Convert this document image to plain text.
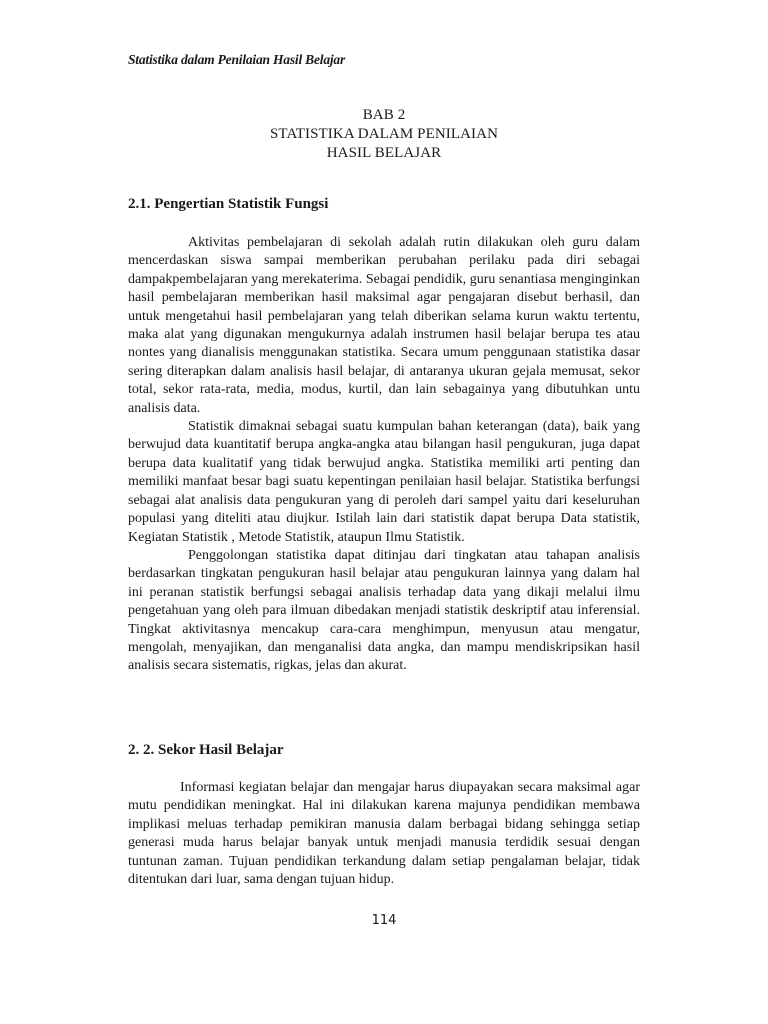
Statistika dalam Penilaian Hasil Belajar
BAB 2
STATISTIKA DALAM PENILAIAN
HASIL BELAJAR
2.1. Pengertian Statistik Fungsi

Aktivitas pembelajaran di sekolah adalah rutin dilakukan oleh guru dalam mencerdaskan siswa sampai memberikan perubahan perilaku pada diri sebagai dampakpembelajaran yang merekaterima. Sebagai pendidik, guru senantiasa menginginkan hasil pembelajaran memberikan hasil maksimal agar pengajaran disebut berhasil, dan untuk mengetahui hasil pembelajaran yang telah diberikan selama kurun waktu tertentu, maka alat yang digunakan mengukurnya adalah instrumen hasil belajar berupa tes atau nontes yang dianalisis menggunakan statistika. Secara umum penggunaan statistika dasar sering diterapkan dalam analisis hasil belajar, di antaranya ukuran gejala memusat, sekor total, sekor rata-rata, media, modus, kurtil, dan lain sebagainya yang dibutuhkan untu analisis data.

Statistik dimaknai sebagai suatu kumpulan bahan keterangan (data), baik yang berwujud data kuantitatif berupa angka-angka atau bilangan hasil pengukuran, juga dapat berupa data kualitatif yang tidak berwujud angka. Statistika memiliki arti penting dan memiliki manfaat besar bagi suatu kepentingan penilaian hasil belajar. Statistika berfungsi sebagai alat analisis data pengukuran yang di peroleh dari sampel yaitu dari keseluruhan populasi yang diteliti atau diujkur. Istilah lain dari statistik dapat berupa Data statistik, Kegiatan Statistik , Metode Statistik, ataupun Ilmu Statistik.

Penggolongan statistika dapat ditinjau dari tingkatan atau tahapan analisis berdasarkan tingkatan pengukuran hasil belajar atau pengukuran lainnya yang dalam hal ini peranan statistik berfungsi sebagai analisis terhadap data yang dikaji melalui ilmu pengetahuan yang oleh para ilmuan dibedakan menjadi statistik deskriptif atau inferensial. Tingkat aktivitasnya mencakup cara-cara menghimpun, menyusun atau mengatur, mengolah, menyajikan, dan menganalisi data angka, dan mampu mendiskripsikan hasil analisis secara sistematis, rigkas, jelas dan akurat.

2. 2. Sekor Hasil Belajar

Informasi kegiatan belajar dan mengajar harus diupayakan secara maksimal agar mutu pendidikan meningkat. Hal ini dilakukan karena majunya pendidikan membawa implikasi meluas terhadap pemikiran manusia dalam berbagai bidang sehingga setiap generasi muda harus belajar banyak untuk menjadi manusia terdidik sesuai dengan tuntunan zaman. Tujuan pendidikan terkandung dalam setiap pengalaman belajar, tidak ditentukan dari luar, sama dengan tujuan hidup.

114
